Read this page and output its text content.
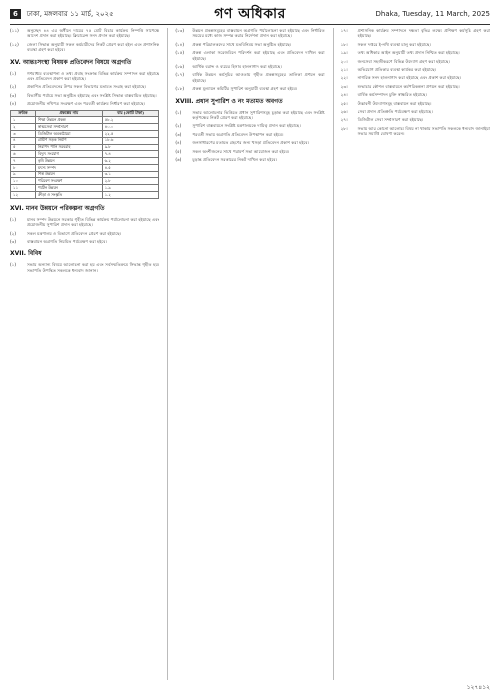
6	ঢাকা, মঙ্গলবার ১১ মার্চ, ২০২৫	গণ অধিকার	Dhaka, Tuesday, 11 March, 2025
(১১)	অনুচ্ছেদ ৪৪ এর অধীনে দায়ের ৭৫ মোট বিচার কার্যক্রম নিষ্পত্তি সাপেক্ষে আদেশ প্রদান করা হইয়াছে। ক্লিয়ারেন্স সনদ প্রদান করা হইয়াছে।
(১২)	জেলা সিদ্ধান্ত অনুযায়ী সকল কর্মচারীদের নিকট প্রেরণ করা হইল এবং প্রশাসনিক ব্যবস্থা গ্রহণ করা হইবে।
XV. আন্তঃসংস্থা বিষয়ক প্রতিবেদন বিষয়ে অগ্রগতি
(১)	গণমাধ্যম ব্যবস্থাপনা ও তথ্য প্রবাহ সংক্রান্ত বিভিন্ন কার্যক্রম সম্পাদন করা হইয়াছে এবং প্রতিবেদন প্রকাশ করা হইয়াছে।
(২)	প্রকাশিত প্রতিবেদনের উপর সকল বিভাগের মতামত সংগ্রহ করা হইয়াছে।
(৩)	বিভাগীয় পর্যায়ে সভা অনুষ্ঠিত হইয়াছে এবং সংশ্লিষ্ট সিদ্ধান্ত বাস্তবায়িত হইয়াছে।
(৪)	প্রয়োজনীয় নথিপত্র সংরক্ষণ এবং পরবর্তী কার্যক্রম নির্ধারণ করা হইয়াছে।
ক্রমিক	প্রকল্পের নাম	ব্যয় (কোটি টাকা)
১	শিক্ষা উন্নয়ন প্রকল্প	৫৮.২
২	স্বাস্থ্যসেবা সম্প্রসারণ	৪০.০
৩	ডিজিটাল অবকাঠামো	২২.৫
৪	গ্রামীণ সড়ক নির্মাণ	১৮.৬
৫	নিরাপদ পানি সরবরাহ	৯.৮
৬	বিদ্যুৎ সংযোগ	৭.৪
৭	কৃষি উন্নয়ন	৬.২
৮	মৎস্য সম্পদ	৪.৫
৯	শিল্প উন্নয়ন	৩.১
১০	পরিবেশ সংরক্ষণ	২.৮
১১	পর্যটন উন্নয়ন	১.৯
১২	ক্রীড়া ও সংস্কৃতি	১.২
XVI. মানব উন্নয়নে পরিকল্পনা অগ্রগতি
(১)	মানব সম্পদ উন্নয়নে সরকার গৃহীত বিভিন্ন কার্যক্রম পর্যালোচনা করা হইয়াছে এবং প্রয়োজনীয় সুপারিশ প্রদান করা হইয়াছে।
(২)	সকল মন্ত্রণালয় ও বিভাগে প্রতিবেদন প্রেরণ করা হইয়াছে।
(৩)	বাস্তবায়ন অগ্রগতি নিয়মিত পর্যবেক্ষণ করা হইবে।
XVII. বিবিধ
(১)	সভায় অন্যান্য বিষয়ে আলোচনা করা হয় এবং সর্বসম্মতিক্রমে সিদ্ধান্ত গৃহীত হয়। সভাপতি উপস্থিত সকলকে ধন্যবাদ জানান।
(১৩)	উন্নয়ন প্রকল্পসমূহের বাস্তবায়ন অগ্রগতি পর্যালোচনা করা হইয়াছে এবং নির্ধারিত সময়ের মধ্যে কাজ সম্পন্ন করার নির্দেশনা প্রদান করা হইয়াছে।
(১৪)	প্রকল্প পরিচালকদের সাথে মতবিনিময় সভা অনুষ্ঠিত হইয়াছে।
(১৫)	প্রকল্প এলাকা সরেজমিনে পরিদর্শন করা হইয়াছে এবং প্রতিবেদন দাখিল করা হইয়াছে।
(১৬)	আর্থিক বরাদ্দ ও ব্যয়ের হিসাব হালনাগাদ করা হইয়াছে।
(১৭)	বার্ষিক উন্নয়ন কর্মসূচির আওতায় গৃহীত প্রকল্পসমূহের তালিকা প্রণয়ন করা হইয়াছে।
(১৮)	প্রকল্প মূল্যায়ন কমিটির সুপারিশ অনুযায়ী ব্যবস্থা গ্রহণ করা হইবে।
XVIII. প্রধান সুপারিশ ও নং মতামত অবগত
(১)	সভার আলোচনার ভিত্তিতে প্রধান সুপারিশসমূহ চূড়ান্ত করা হইয়াছে এবং সংশ্লিষ্ট কর্তৃপক্ষের নিকট প্রেরণ করা হইয়াছে।
(২)	সুপারিশ বাস্তবায়নে সংশ্লিষ্ট মন্ত্রণালয়কে দায়িত্ব প্রদান করা হইয়াছে।
(৩)	পরবর্তী সভায় অগ্রগতি প্রতিবেদন উপস্থাপন করা হইবে।
(৪)	জনসাধারণের মতামত গ্রহণের জন্য খসড়া প্রতিবেদন প্রকাশ করা হইবে।
(৫)	সকল অংশীজনের সাথে পরামর্শ সভা আয়োজন করা হইবে।
(৬)	চূড়ান্ত প্রতিবেদন সরকারের নিকট দাখিল করা হইবে।
১৭।	প্রশাসনিক কার্যক্রম সম্পাদনে দক্ষতা বৃদ্ধির লক্ষ্যে প্রশিক্ষণ কর্মসূচি গ্রহণ করা হইয়াছে।
১৮।	সকল দপ্তরে ই-নথি ব্যবস্থা চালু করা হইয়াছে।
১৯।	তথ্য অধিকার আইন অনুযায়ী তথ্য প্রদান নিশ্চিত করা হইয়াছে।
২০।	জনসেবা সহজীকরণে বিভিন্ন উদ্যোগ গ্রহণ করা হইয়াছে।
২১।	অভিযোগ প্রতিকার ব্যবস্থা কার্যকর করা হইয়াছে।
২২।	নাগরিক সনদ হালনাগাদ করা হইয়াছে এবং প্রকাশ করা হইয়াছে।
২৩।	শুদ্ধাচার কৌশল বাস্তবায়নে কর্মপরিকল্পনা প্রণয়ন করা হইয়াছে।
২৪।	বার্ষিক কর্মসম্পাদন চুক্তি স্বাক্ষরিত হইয়াছে।
২৫।	উদ্ভাবনী উদ্যোগসমূহ বাস্তবায়ন করা হইয়াছে।
২৬।	সেবা প্রদান প্রতিশ্রুতি পর্যবেক্ষণ করা হইয়াছে।
২৭।	ডিজিটাল সেবা সম্প্রসারণ করা হইয়াছে।
২৮।	সভায় আর কোনো আলোচ্য বিষয় না থাকায় সভাপতি সকলকে ধন্যবাদ জানাইয়া সভার সমাপ্তি ঘোষণা করেন।
১২৭৪১২
